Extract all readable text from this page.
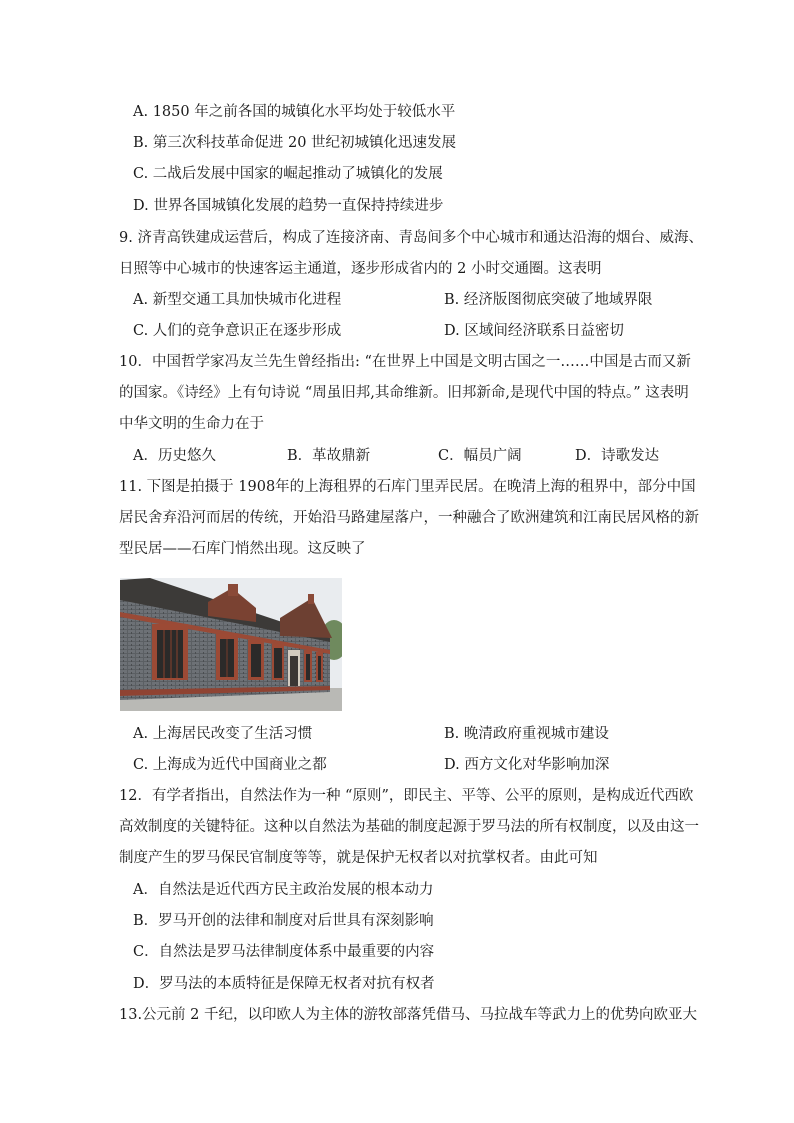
A. 1850 年之前各国的城镇化水平均处于较低水平
B. 第三次科技革命促进 20 世纪初城镇化迅速发展
C. 二战后发展中国家的崛起推动了城镇化的发展
D. 世界各国城镇化发展的趋势一直保持持续进步
9. 济青高铁建成运营后，构成了连接济南、青岛间多个中心城市和通达沿海的烟台、威海、
日照等中心城市的快速客运主通道，逐步形成省内的 2 小时交通圈。这表明
A. 新型交通工具加快城市化进程	B. 经济版图彻底突破了地域界限
C. 人们的竞争意识正在逐步形成	D. 区域间经济联系日益密切
10．中国哲学家冯友兰先生曾经指出: “在世界上中国是文明古国之一……中国是古而又新
的国家。《诗经》上有句诗说 “周虽旧邦,其命维新。旧邦新命,是现代中国的特点。” 这表明
中华文明的生命力在于
A．历史悠久	B．革故鼎新	C．幅员广阔	D．诗歌发达
11. 下图是拍摄于 1908年的上海租界的石库门里弄民居。在晚清上海的租界中，部分中国
居民舍弃沿河而居的传统，开始沿马路建屋落户，一种融合了欧洲建筑和江南民居风格的新
型民居——石库门悄然出现。这反映了
A. 上海居民改变了生活习惯	B. 晚清政府重视城市建设
C. 上海成为近代中国商业之都	D. 西方文化对华影响加深
12．有学者指出，自然法作为一种 “原则”，即民主、平等、公平的原则，是构成近代西欧
高效制度的关键特征。这种以自然法为基础的制度起源于罗马法的所有权制度，以及由这一
制度产生的罗马保民官制度等等，就是保护无权者以对抗掌权者。由此可知
A．自然法是近代西方民主政治发展的根本动力
B．罗马开创的法律和制度对后世具有深刻影响
C．自然法是罗马法律制度体系中最重要的内容
D．罗马法的本质特征是保障无权者对抗有权者
13.公元前 2 千纪，以印欧人为主体的游牧部落凭借马、马拉战车等武力上的优势向欧亚大
